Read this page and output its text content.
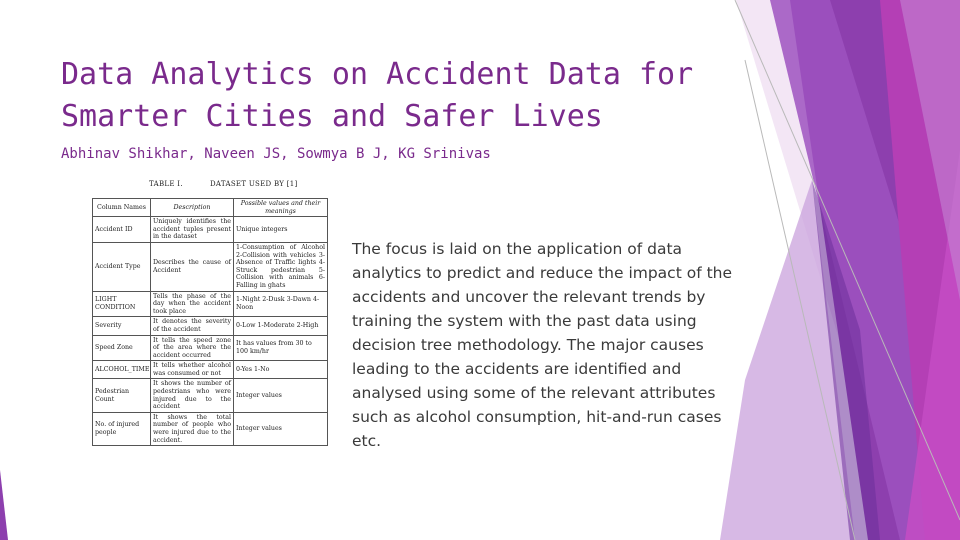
Data Analytics on Accident Data for Smarter Cities and Safer Lives

Abhinav Shikhar, Naveen JS, Sowmya B J, KG Srinivas

TABLE I.	DATASET USED BY [1]
Column Names	Description	Possible values and their meanings
Accident ID	Uniquely identifies the accident tuples present in the dataset	Unique integers
Accident Type	Describes the cause of Accident	1-Consumption of Alcohol 2-Collision with vehicles 3-Absence of Traffic lights 4-Struck pedestrian 5-Collision with animals 6-Falling in ghats
LIGHT CONDITION	Tells the phase of the day when the accident took place	1-Night 2-Dusk 3-Dawn 4-Noon
Severity	It denotes the severity of the accident	0-Low 1-Moderate 2-High
Speed Zone	It tells the speed zone of the area where the accident occurred	It has values from 30 to 100 km/hr
ALCOHOL_TIME	It tells whether alcohol was consumed or not	0-Yes 1-No
Pedestrian Count	It shows the number of pedestrians who were injured due to the accident	Integer values
No. of injured people	It shows the total number of people who were injured due to the accident.	Integer values

The focus is laid on the application of data analytics to predict and reduce the impact of the accidents and uncover the relevant trends by training the system with the past data using decision tree methodology. The major causes leading to the accidents are identified and analysed using some of the relevant attributes such as alcohol consumption, hit-and-run cases etc.
